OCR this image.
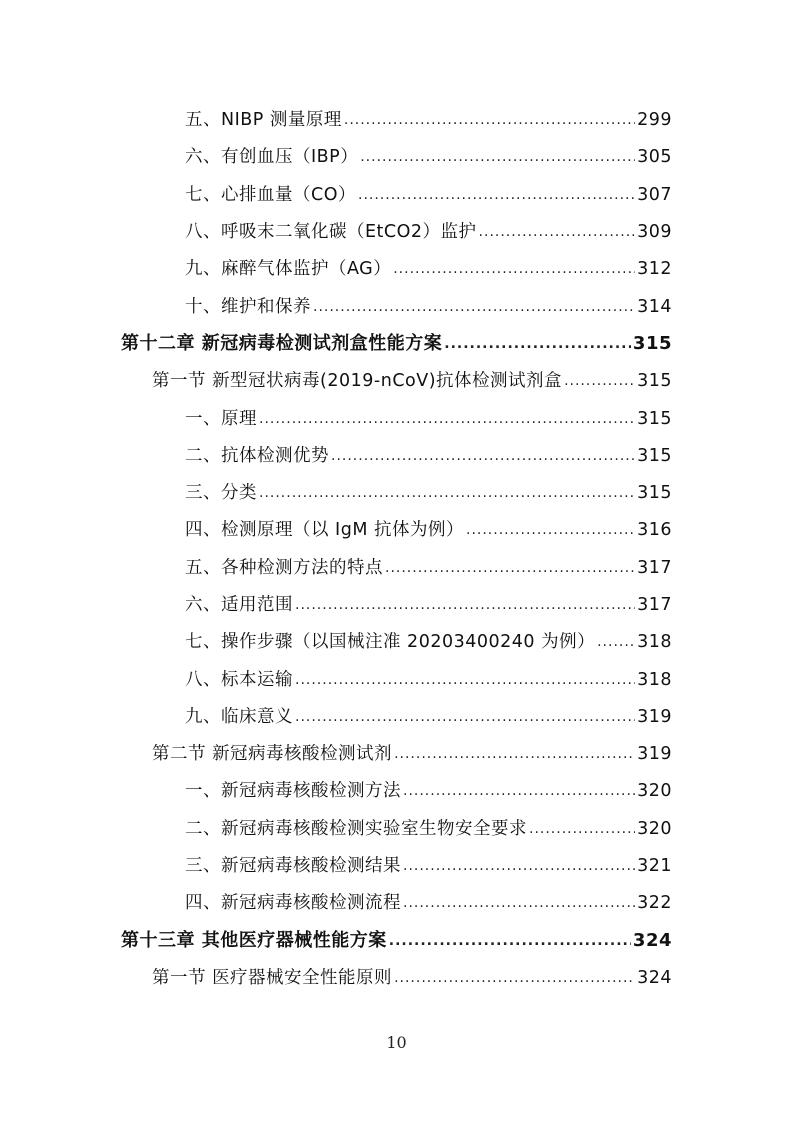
五、NIBP 测量原理 .....	299
六、有创血压（IBP） .....	305
七、心排血量（CO） .....	307
八、呼吸末二氧化碳（EtCO2）监护 .....	309
九、麻醉气体监护（AG） .....	312
十、维护和保养 .....	314
第十二章 新冠病毒检测试剂盒性能方案 .....	315
第一节 新型冠状病毒(2019-nCoV)抗体检测试剂盒 .....	315
一、原理 .....	315
二、抗体检测优势 .....	315
三、分类 .....	315
四、检测原理（以 IgM 抗体为例） .....	316
五、各种检测方法的特点 .....	317
六、适用范围 .....	317
七、操作步骤（以国械注准 20203400240 为例） ..... 318
八、标本运输 .....	318
九、临床意义 .....	319
第二节 新冠病毒核酸检测试剂 .....	319
一、新冠病毒核酸检测方法 .....	320
二、新冠病毒核酸检测实验室生物安全要求 .....	320
三、新冠病毒核酸检测结果 .....	321
四、新冠病毒核酸检测流程 .....	322
第十三章 其他医疗器械性能方案 .....	324
第一节 医疗器械安全性能原则 .....	324
10
